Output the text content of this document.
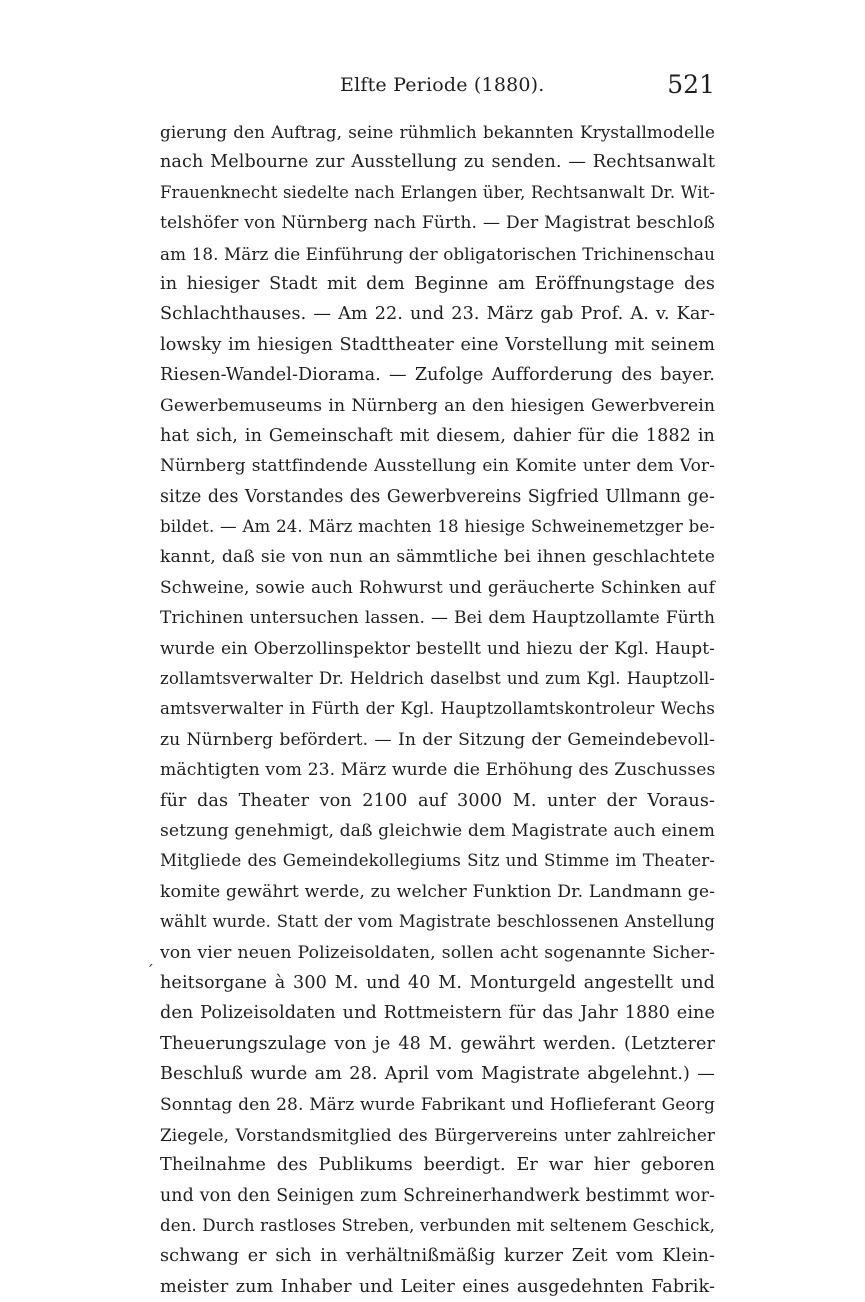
Elfte Periode (1880).	521
´
gierung den Auftrag, seine rühmlich bekannten Krystallmodelle
nach Melbourne zur Ausstellung zu senden. — Rechtsanwalt
Frauenknecht siedelte nach Erlangen über, Rechtsanwalt Dr. Wit-
telshöfer von Nürnberg nach Fürth. — Der Magistrat beschloß
am 18. März die Einführung der obligatorischen Trichinenschau
in hiesiger Stadt mit dem Beginne am Eröffnungstage des
Schlachthauses. — Am 22. und 23. März gab Prof. A. v. Kar-
lowsky im hiesigen Stadttheater eine Vorstellung mit seinem
Riesen-Wandel-Diorama. — Zufolge Aufforderung des bayer.
Gewerbemuseums in Nürnberg an den hiesigen Gewerbverein
hat sich, in Gemeinschaft mit diesem, dahier für die 1882 in
Nürnberg stattfindende Ausstellung ein Komite unter dem Vor-
sitze des Vorstandes des Gewerbvereins Sigfried Ullmann ge-
bildet. — Am 24. März machten 18 hiesige Schweinemetzger be-
kannt, daß sie von nun an sämmtliche bei ihnen geschlachtete
Schweine, sowie auch Rohwurst und geräucherte Schinken auf
Trichinen untersuchen lassen. — Bei dem Hauptzollamte Fürth
wurde ein Oberzollinspektor bestellt und hiezu der Kgl. Haupt-
zollamtsverwalter Dr. Heldrich daselbst und zum Kgl. Hauptzoll-
amtsverwalter in Fürth der Kgl. Hauptzollamtskontroleur Wechs
zu Nürnberg befördert. — In der Sitzung der Gemeindebevoll-
mächtigten vom 23. März wurde die Erhöhung des Zuschusses
für das Theater von 2100 auf 3000 M. unter der Voraus-
setzung genehmigt, daß gleichwie dem Magistrate auch einem
Mitgliede des Gemeindekollegiums Sitz und Stimme im Theater-
komite gewährt werde, zu welcher Funktion Dr. Landmann ge-
wählt wurde. Statt der vom Magistrate beschlossenen Anstellung
von vier neuen Polizeisoldaten, sollen acht sogenannte Sicher-
heitsorgane à 300 M. und 40 M. Monturgeld angestellt und
den Polizeisoldaten und Rottmeistern für das Jahr 1880 eine
Theuerungszulage von je 48 M. gewährt werden. (Letzterer
Beschluß wurde am 28. April vom Magistrate abgelehnt.) —
Sonntag den 28. März wurde Fabrikant und Hoflieferant Georg
Ziegele, Vorstandsmitglied des Bürgervereins unter zahlreicher
Theilnahme des Publikums beerdigt. Er war hier geboren
und von den Seinigen zum Schreinerhandwerk bestimmt wor-
den. Durch rastloses Streben, verbunden mit seltenem Geschick,
schwang er sich in verhältnißmäßig kurzer Zeit vom Klein-
meister zum Inhaber und Leiter eines ausgedehnten Fabrik-
